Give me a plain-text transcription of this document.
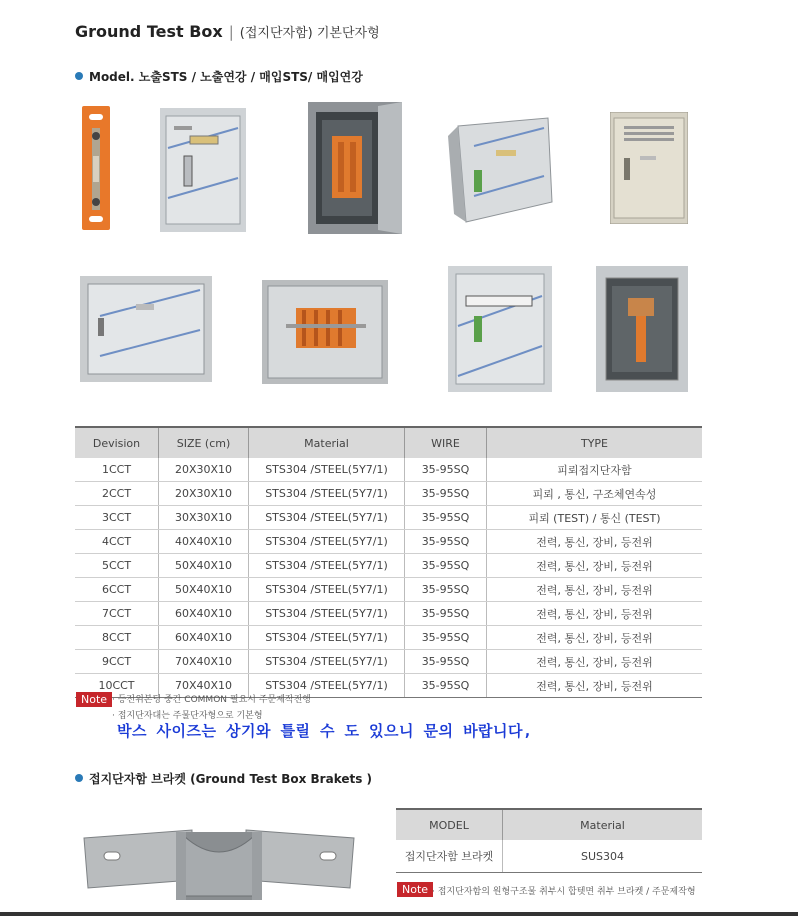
Ground Test Box | (접지단자함) 기본단자형
Model. 노출STS / 노출연강 / 매입STS/ 매입연강
Devision	SIZE (cm)	Material	WIRE	TYPE
1CCT	20X30X10	STS304 /STEEL(5Y7/1)	35-95SQ	피뢰접지단자함
2CCT	20X30X10	STS304 /STEEL(5Y7/1)	35-95SQ	피뢰 , 통신, 구조체연속성
3CCT	30X30X10	STS304 /STEEL(5Y7/1)	35-95SQ	피뢰 (TEST) / 통신 (TEST)
4CCT	40X40X10	STS304 /STEEL(5Y7/1)	35-95SQ	전력, 통신, 장비, 등전위
5CCT	50X40X10	STS304 /STEEL(5Y7/1)	35-95SQ	전력, 통신, 장비, 등전위
6CCT	50X40X10	STS304 /STEEL(5Y7/1)	35-95SQ	전력, 통신, 장비, 등전위
7CCT	60X40X10	STS304 /STEEL(5Y7/1)	35-95SQ	전력, 통신, 장비, 등전위
8CCT	60X40X10	STS304 /STEEL(5Y7/1)	35-95SQ	전력, 통신, 장비, 등전위
9CCT	70X40X10	STS304 /STEEL(5Y7/1)	35-95SQ	전력, 통신, 장비, 등전위
10CCT	70X40X10	STS304 /STEEL(5Y7/1)	35-95SQ	전력, 통신, 장비, 등전위
Note · 등전위본딩 중간 COMMON 필요시 주문제작진행
· 접지단자대는 주물단자형으로 기본형
박스 사이즈는 상기와 틀릴 수 도 있으니 문의 바랍니다,
접지단자함 브라켓 (Ground Test Box Brakets )
MODEL	Material
접지단자함 브라켓	SUS304
Note · 접지단자함의 원형구조물 취부시 합텟면 취부 브라켓 / 주문제작형
